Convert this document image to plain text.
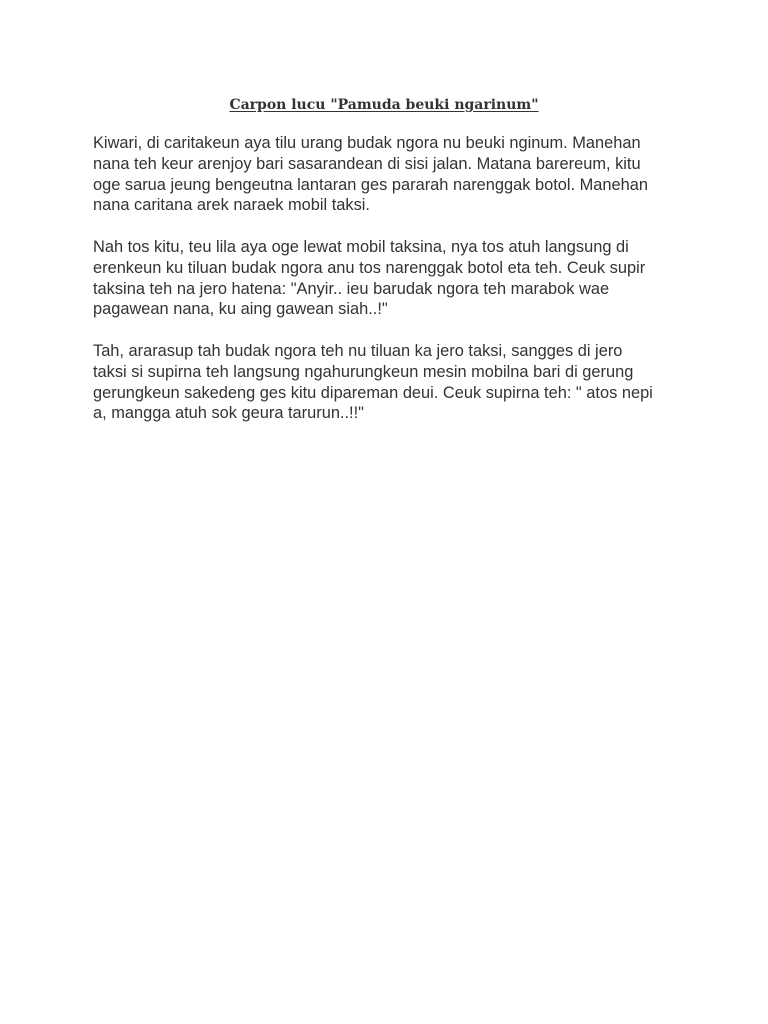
Carpon lucu "Pamuda beuki ngarinum"

Kiwari, di caritakeun aya tilu urang budak ngora nu beuki nginum. Manehan
nana teh keur arenjoy bari sasarandean di sisi jalan. Matana barereum, kitu
oge sarua jeung bengeutna lantaran ges pararah narenggak botol. Manehan
nana caritana arek naraek mobil taksi.

Nah tos kitu, teu lila aya oge lewat mobil taksina, nya tos atuh langsung di
erenkeun ku tiluan budak ngora anu tos narenggak botol eta teh. Ceuk supir
taksina teh na jero hatena: "Anyir.. ieu barudak ngora teh marabok wae
pagawean nana, ku aing gawean siah..!"

Tah, ararasup tah budak ngora teh nu tiluan ka jero taksi, sangges di jero
taksi si supirna teh langsung ngahurungkeun mesin mobilna bari di gerung
gerungkeun sakedeng ges kitu dipareman deui. Ceuk supirna teh: " atos nepi
a, mangga atuh sok geura tarurun..!!"
